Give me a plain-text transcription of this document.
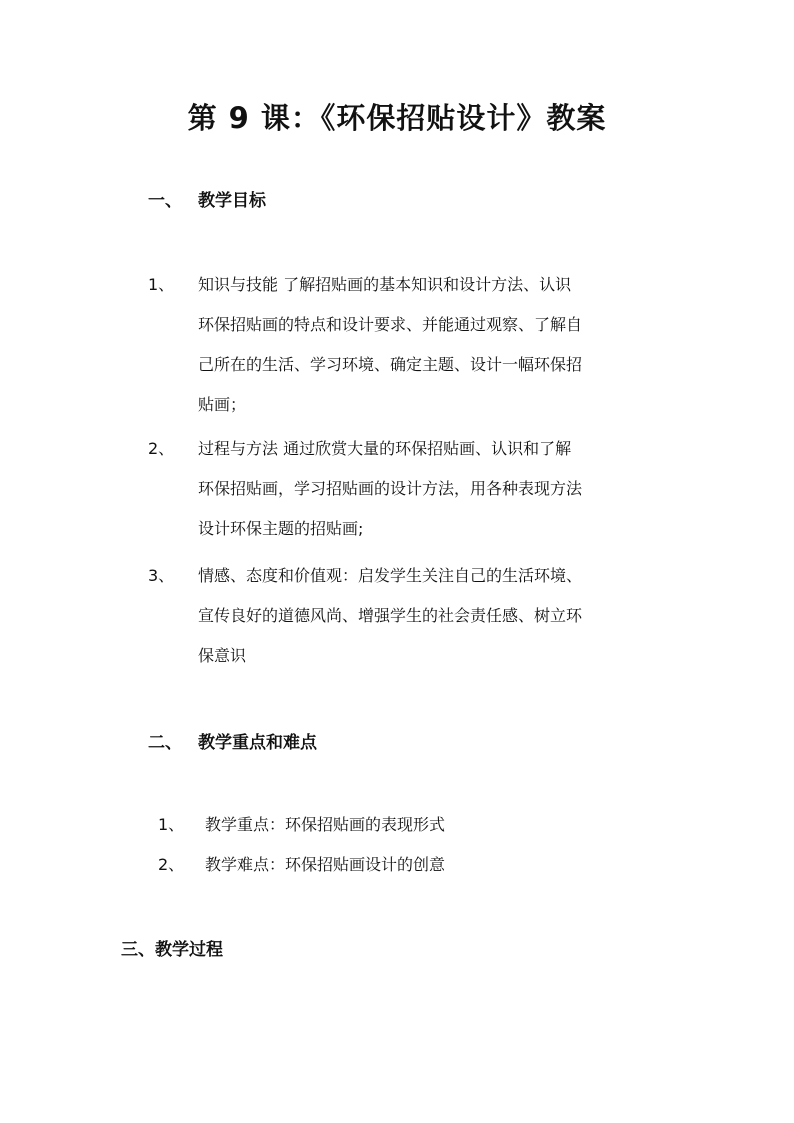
第 9 课：《环保招贴设计》教案
一、 教学目标
1、 知识与技能 了解招贴画的基本知识和设计方法、认识
环保招贴画的特点和设计要求、并能通过观察、了解自
己所在的生活、学习环境、确定主题、设计一幅环保招
贴画；
2、 过程与方法 通过欣赏大量的环保招贴画、认识和了解
环保招贴画，学习招贴画的设计方法，用各种表现方法
设计环保主题的招贴画;
3、 情感、态度和价值观：启发学生关注自己的生活环境、
宣传良好的道德风尚、增强学生的社会责任感、树立环
保意识
二、 教学重点和难点
1、 教学重点：环保招贴画的表现形式
2、 教学难点：环保招贴画设计的创意
三、教学过程
